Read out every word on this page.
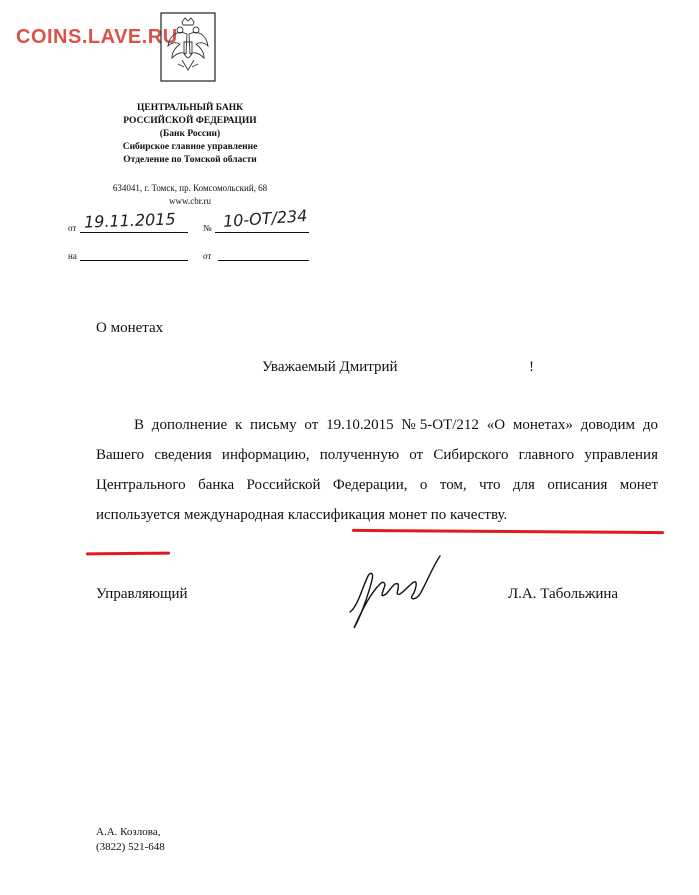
COINS.LAVE.RU
ЦЕНТРАЛЬНЫЙ БАНК
РОССИЙСКОЙ ФЕДЕРАЦИИ
(Банк России)
Сибирское главное управление
Отделение по Томской области
634041, г. Томск, пр. Комсомольский, 68
www.cbr.ru
от 19.11.2015	№ 10-ОТ/234
на	от
О монетах
Уважаемый Дмитрий	!
В дополнение к письму от 19.10.2015 №5-ОТ/212 «О монетах» доводим до Вашего сведения информацию, полученную от Сибирского главного управления Центрального банка Российской Федерации, о том, что для описания монет используется международная классификация монет по качеству.
Управляющий	Л.А. Табольжина
А.А. Козлова,
(3822) 521-648
